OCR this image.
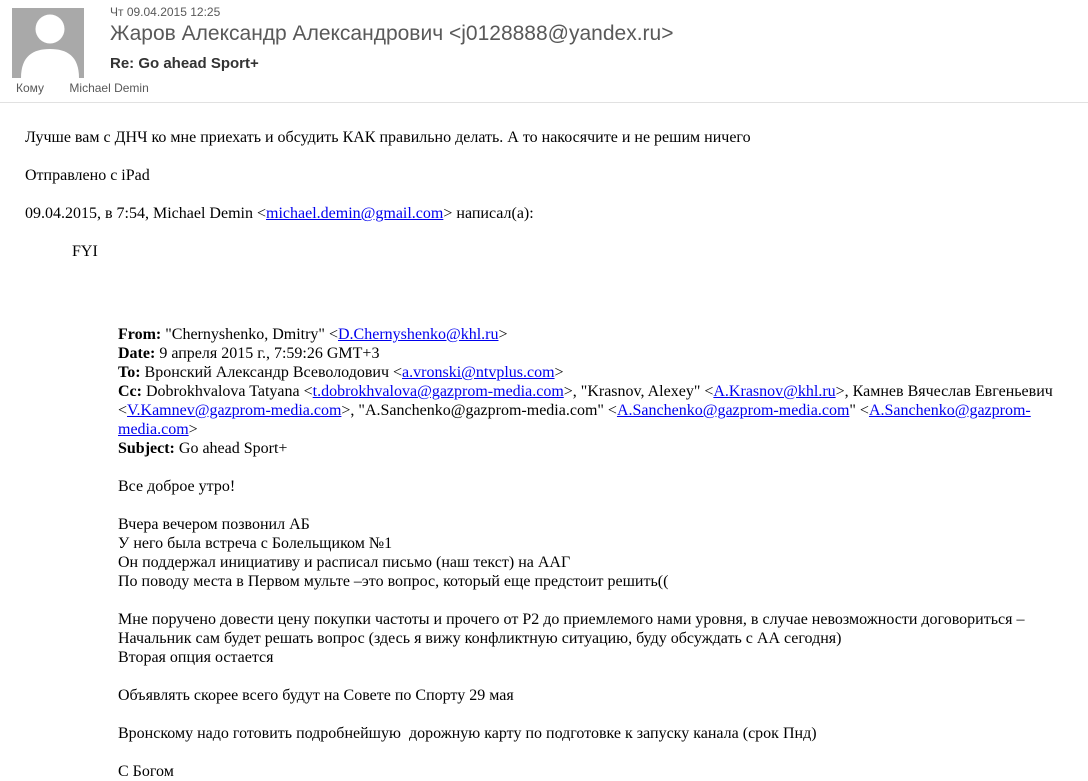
Чт 09.04.2015 12:25
Жаров Александр Александрович <j0128888@yandex.ru>
Re: Go ahead Sport+
Кому Michael Demin
Лучше вам с ДНЧ ко мне приехать и обсудить КАК правильно делать. А то накосячите и не решим ничего
Отправлено с iPad
09.04.2015, в 7:54, Michael Demin <michael.demin@gmail.com> написал(а):
FYI
From: "Chernyshenko, Dmitry" <D.Chernyshenko@khl.ru>
Date: 9 апреля 2015 г., 7:59:26 GMT+3
To: Вронский Александр Всеволодович <a.vronski@ntvplus.com>
Cc: Dobrokhvalova Tatyana <t.dobrokhvalova@gazprom-media.com>, "Krasnov, Alexey" <A.Krasnov@khl.ru>, Камнев Вячеслав Евгеньевич
<V.Kamnev@gazprom-media.com>, "A.Sanchenko@gazprom-media.com" <A.Sanchenko@gazprom-media.com" <A.Sanchenko@gazprom-media.com>
Subject: Go ahead Sport+
Все доброе утро!
Вчера вечером позвонил АБ
У него была встреча с Болельщиком №1
Он поддержал инициативу и расписал письмо (наш текст) на ААГ
По поводу места в Первом мульте –это вопрос, который еще предстоит решить((
Мне поручено довести цену покупки частоты и прочего от Р2 до приемлемого нами уровня, в случае невозможности договориться –
Начальник сам будет решать вопрос (здесь я вижу конфликтную ситуацию, буду обсуждать с АА сегодня)
Вторая опция остается
Объявлять скорее всего будут на Совете по Спорту 29 мая
Вронскому надо готовить подробнейшую  дорожную карту по подготовке к запуску канала (срок Пнд)
С Богом
